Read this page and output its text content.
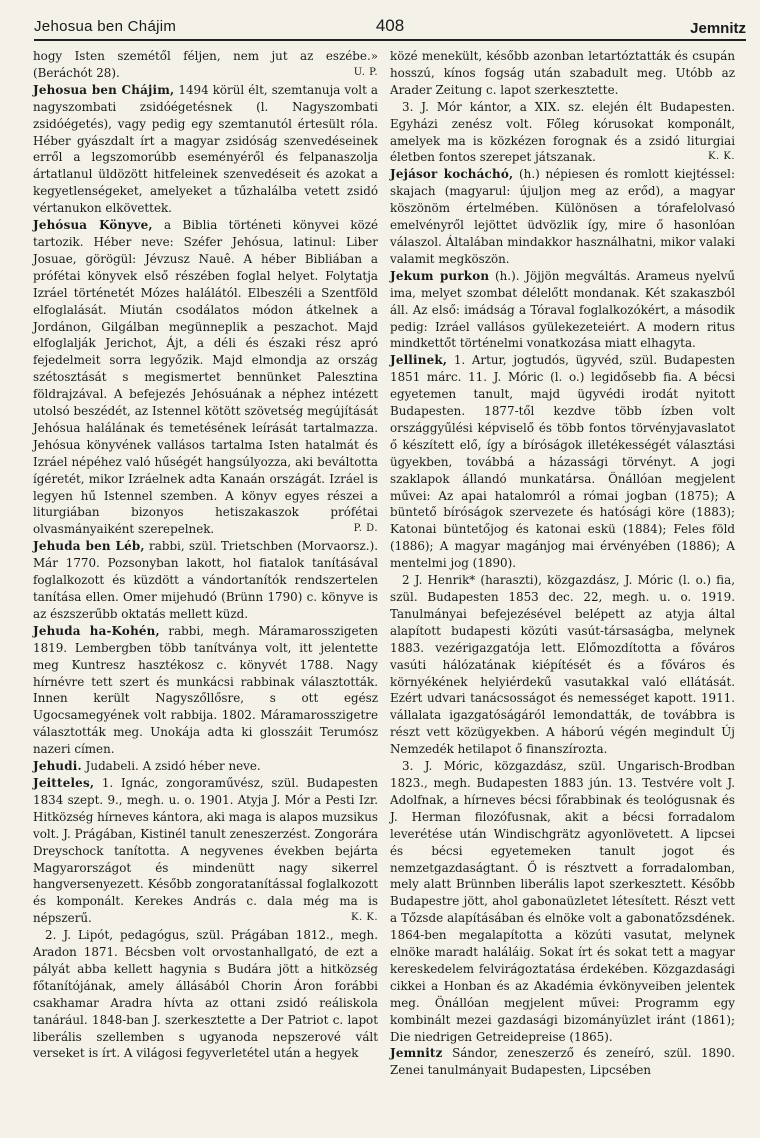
Jehosua ben Chájim	408	Jemnitz

hogy Isten szemétől féljen, nem jut az eszébe.» (Beráchót 28).	U. P.

Jehosua ben Chájim, 1494 körül élt, szemtanuja volt a nagyszombati zsidóégetésnek (l. Nagyszombati zsidóégetés), vagy pedig egy szemtanutól értesült róla. Héber gyászdalt írt a magyar zsidóság szenvedéseinek erről a legszomorúbb eseményéről és felpanaszolja ártatlanul üldözött hitfeleinek szenvedéseit és azokat a kegyetlenségeket, amelyeket a tűzhalálba vetett zsidó vértanukon elkövettek.

Jehósua Könyve, a Biblia történeti könyvei közé tartozik. Héber neve: Széfer Jehósua, latinul: Liber Josuae, görögül: Jévzusz Nauê. A héber Bibliában a prófétai könyvek első részében foglal helyet. Folytatja Izráel történetét Mózes halálától. Elbeszéli a Szentföld elfoglalását. Miután csodálatos módon átkelnek a Jordánon, Gilgálban megünneplik a peszachot. Majd elfoglalják Jerichot, Ájt, a déli és északi rész apró fejedelmeit sorra legyőzik. Majd elmondja az ország szétosztását s megismertet bennünket Palesztina földrajzával. A befejezés Jehósuának a néphez intézett utolsó beszédét, az Istennel kötött szövetség megújítását Jehósua halálának és temetésének leírását tartalmazza. Jehósua könyvének vallásos tartalma Isten hatalmát és Izráel népéhez való hűségét hangsúlyozza, aki beváltotta ígéretét, mikor Izráelnek adta Kanaán országát. Izráel is legyen hű Istennel szemben. A könyv egyes részei a liturgiában bizonyos hetiszakaszok prófétai olvasmányaiként szerepelnek.	P. D.

Jehuda ben Léb, rabbi, szül. Trietschben (Morvaorsz.). Már 1770. Pozsonyban lakott, hol fiatalok tanításával foglalkozott és küzdött a vándortanítók rendszertelen tanítása ellen. Omer mijehudó (Brünn 1790) c. könyve is az észszerűbb oktatás mellett küzd.

Jehuda ha-Kohén, rabbi, megh. Máramarosszigeten 1819. Lembergben több tanítványa volt, itt jelentette meg Kuntresz hasztékosz c. könyvét 1788. Nagy hírnévre tett szert és munkácsi rabbinak választották. Innen került Nagyszőllősre, s ott egész Ugocsamegyének volt rabbija. 1802. Máramarosszigetre választották meg. Unokája adta ki glosszáit Terumósz nazeri címen.

Jehudi. Judabeli. A zsidó héber neve.

Jeitteles, 1. Ignác, zongoraművész, szül. Budapesten 1834 szept. 9., megh. u. o. 1901. Atyja J. Mór a Pesti Izr. Hitközség hírneves kántora, aki maga is alapos muzsikus volt. J. Prágában, Kistinél tanult zeneszerzést. Zongorára Dreyschock tanította. A negyvenes években bejárta Magyarországot és mindenütt nagy sikerrel hangversenyezett. Később zongoratanítással foglalkozott és komponált. Kerekes András c. dala még ma is népszerű.	K. K.

2. J. Lipót, pedagógus, szül. Prágában 1812., megh. Aradon 1871. Bécsben volt orvostanhallgató, de ezt a pályát abba kellett hagynia s Budára jött a hitközség főtanítójának, amely állásából Chorin Áron forábbi csakhamar Aradra hívta az ottani zsidó reáliskola tanárául. 1848-ban J. szerkesztette a Der Patriot c. lapot liberális szellemben s ugyanoda nepszerové vált verseket is írt. A világosi fegyverletétel után a hegyek

közé menekült, később azonban letartóztatták és csupán hosszú, kínos fogság után szabadult meg. Utóbb az Arader Zeitung c. lapot szerkesztette.

3. J. Mór kántor, a XIX. sz. elején élt Budapesten. Egyházi zenész volt. Főleg kórusokat komponált, amelyek ma is közkézen forognak és a zsidó liturgiai életben fontos szerepet játszanak.	K. K.

Jejásor kocháchó, (h.) népiesen és romlott kiejtéssel: skajach (magyarul: újuljon meg az erőd), a magyar köszönöm értelmében. Különösen a tórafelolvasó emelvényről lejöttet üdvözlik így, mire ő hasonlóan válaszol. Általában mindakkor használhatni, mikor valaki valamit megköszön.

Jekum purkon (h.). Jöjjön megváltás. Arameus nyelvű ima, melyet szombat délelőtt mondanak. Két szakaszból áll. Az első: imádság a Tóraval foglalkozókért, a második pedig: Izráel vallásos gyülekezeteiért. A modern ritus mindkettőt történelmi vonatkozása miatt elhagyta.

Jellinek, 1. Artur, jogtudós, ügyvéd, szül. Budapesten 1851 márc. 11. J. Móric (l. o.) legidősebb fia. A bécsi egyetemen tanult, majd ügyvédi irodát nyitott Budapesten. 1877-től kezdve több ízben volt országgyűlési képviselő és több fontos törvényjavaslatot ő készített elő, így a bíróságok illetékességét választási ügyekben, továbbá a házassági törvényt. A jogi szaklapok állandó munkatársa. Önállóan megjelent művei: Az apai hatalomról a római jogban (1875); A büntető bíróságok szervezete és hatósági köre (1883); Katonai büntetőjog és katonai eskü (1884); Feles föld (1886); A magyar magánjog mai érvényében (1886); A mentelmi jog (1890).

2 J. Henrik* (haraszti), közgazdász, J. Móric (l. o.) fia, szül. Budapesten 1853 dec. 22, megh. u. o. 1919. Tanulmányai befejezésével belépett az atyja által alapított budapesti közúti vasút-társaságba, melynek 1883. vezérigazgatója lett. Előmozdította a főváros vasúti hálózatának kiépítését és a főváros és környékének helyiérdekű vasutakkal való ellátását. Ezért udvari tanácsosságot és nemességet kapott. 1911. vállalata igazgatóságáról lemondatták, de továbbra is részt vett közügyekben. A háború végén megindult Új Nemzedék hetilapot ő finanszírozta.

3. J. Móric, közgazdász, szül. Ungarisch-Brodban 1823., megh. Budapesten 1883 jún. 13. Testvére volt J. Adolfnak, a hírneves bécsi főrabbinak és teológusnak és J. Herman filozófusnak, akit a bécsi forradalom leverétése után Windischgrätz agyonlövetett. A lipcsei és bécsi egyetemeken tanult jogot és nemzetgazdaságtant. Ő is résztvett a forradalomban, mely alatt Brünnben liberális lapot szerkesztett. Később Budapestre jött, ahol gabonaüzletet létesített. Részt vett a Tőzsde alapításában és elnöke volt a gabonatőzsdének. 1864-ben megalapította a közúti vasutat, melynek elnöke maradt haláláig. Sokat írt és sokat tett a magyar kereskedelem felvirágoztatása érdekében. Közgazdasági cikkei a Honban és az Akadémia évkönyveiben jelentek meg. Önállóan megjelent művei: Programm egy kombinált mezei gazdasági bizományüzlet iránt (1861); Die niedrigen Getreidepreise (1865).

Jemnitz Sándor, zeneszerző és zeneíró, szül. 1890. Zenei tanulmányait Budapesten, Lipcsében
